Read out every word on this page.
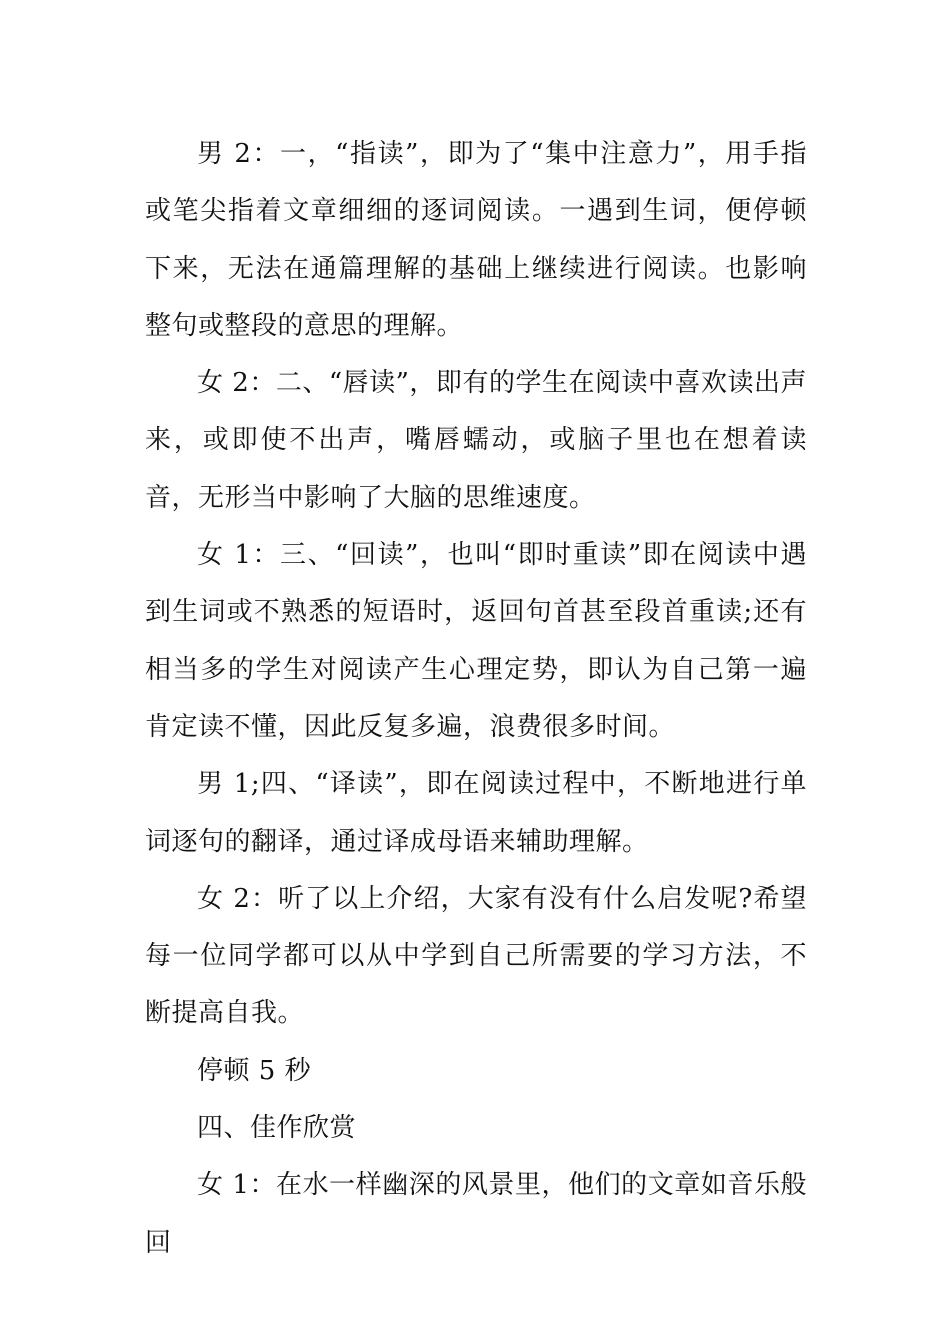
男 2：一，“指读”，即为了“集中注意力”，用手指或笔尖指着文章细细的逐词阅读。一遇到生词，便停顿下来，无法在通篇理解的基础上继续进行阅读。也影响整句或整段的意思的理解。

女 2：二、“唇读”，即有的学生在阅读中喜欢读出声来，或即使不出声，嘴唇蠕动，或脑子里也在想着读音，无形当中影响了大脑的思维速度。

女 1：三、“回读”，也叫“即时重读”即在阅读中遇到生词或不熟悉的短语时，返回句首甚至段首重读;还有相当多的学生对阅读产生心理定势，即认为自己第一遍肯定读不懂，因此反复多遍，浪费很多时间。

男 1;四、“译读”，即在阅读过程中，不断地进行单词逐句的翻译，通过译成母语来辅助理解。

女 2：听了以上介绍，大家有没有什么启发呢?希望每一位同学都可以从中学到自己所需要的学习方法，不断提高自我。

停顿 5 秒

四、佳作欣赏

女 1：在水一样幽深的风景里，他们的文章如音乐般回
